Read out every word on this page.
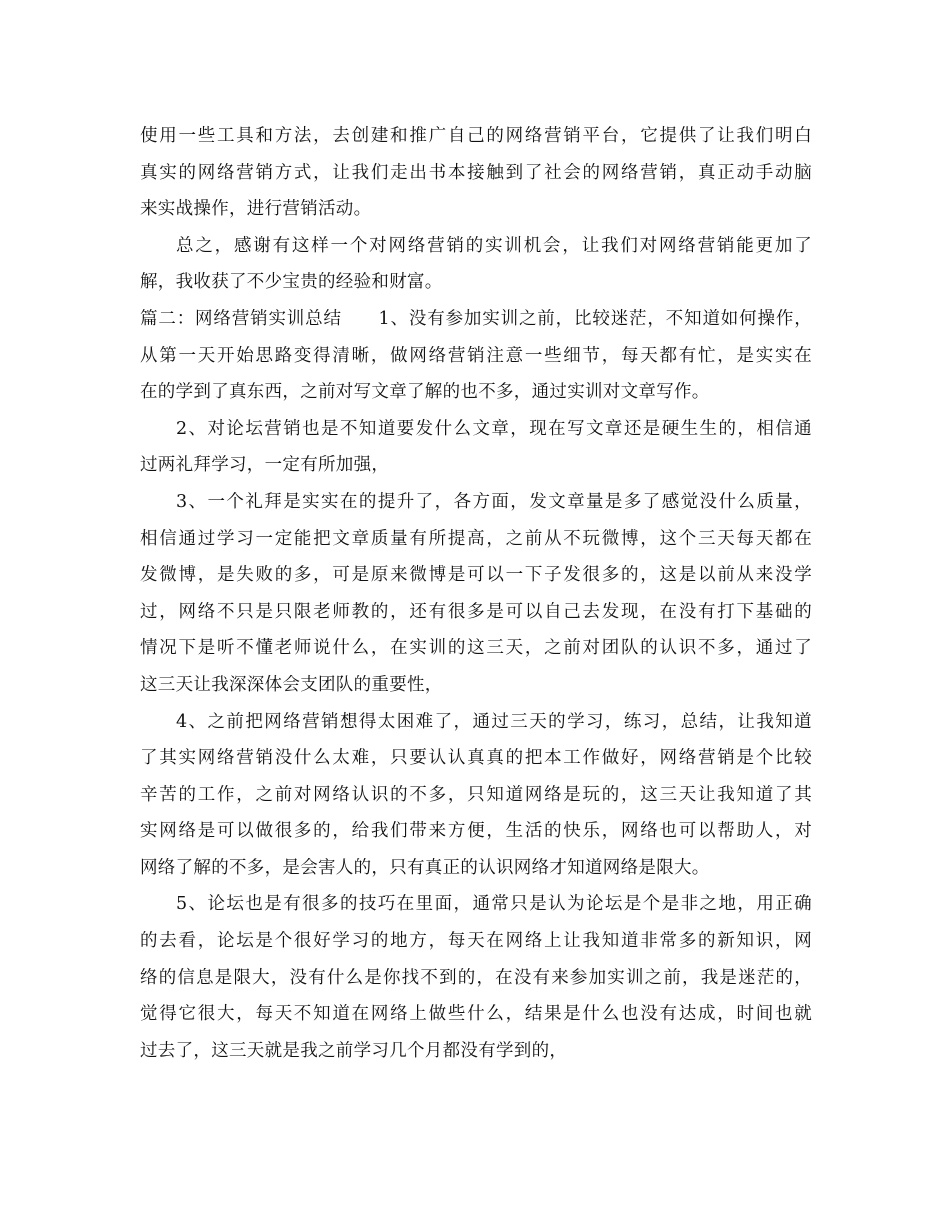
使用一些工具和方法，去创建和推广自己的网络营销平台，它提供了让我们明白
真实的网络营销方式，让我们走出书本接触到了社会的网络营销，真正动手动脑
来实战操作，进行营销活动。
总之，感谢有这样一个对网络营销的实训机会，让我们对网络营销能更加了
解，我收获了不少宝贵的经验和财富。
篇二：网络营销实训总结　　1、没有参加实训之前，比较迷茫，不知道如何操作，
从第一天开始思路变得清晰，做网络营销注意一些细节，每天都有忙，是实实在
在的学到了真东西，之前对写文章了解的也不多，通过实训对文章写作。
2、对论坛营销也是不知道要发什么文章，现在写文章还是硬生生的，相信通
过两礼拜学习，一定有所加强，
3、一个礼拜是实实在的提升了，各方面，发文章量是多了感觉没什么质量，
相信通过学习一定能把文章质量有所提高，之前从不玩微博，这个三天每天都在
发微博，是失败的多，可是原来微博是可以一下子发很多的，这是以前从来没学
过，网络不只是只限老师教的，还有很多是可以自己去发现，在没有打下基础的
情况下是听不懂老师说什么，在实训的这三天，之前对团队的认识不多，通过了
这三天让我深深体会支团队的重要性，
4、之前把网络营销想得太困难了，通过三天的学习，练习，总结，让我知道
了其实网络营销没什么太难，只要认认真真的把本工作做好，网络营销是个比较
辛苦的工作，之前对网络认识的不多，只知道网络是玩的，这三天让我知道了其
实网络是可以做很多的，给我们带来方便，生活的快乐，网络也可以帮助人，对
网络了解的不多，是会害人的，只有真正的认识网络才知道网络是限大。
5、论坛也是有很多的技巧在里面，通常只是认为论坛是个是非之地，用正确
的去看，论坛是个很好学习的地方，每天在网络上让我知道非常多的新知识，网
络的信息是限大，没有什么是你找不到的，在没有来参加实训之前，我是迷茫的，
觉得它很大，每天不知道在网络上做些什么，结果是什么也没有达成，时间也就
过去了，这三天就是我之前学习几个月都没有学到的，
